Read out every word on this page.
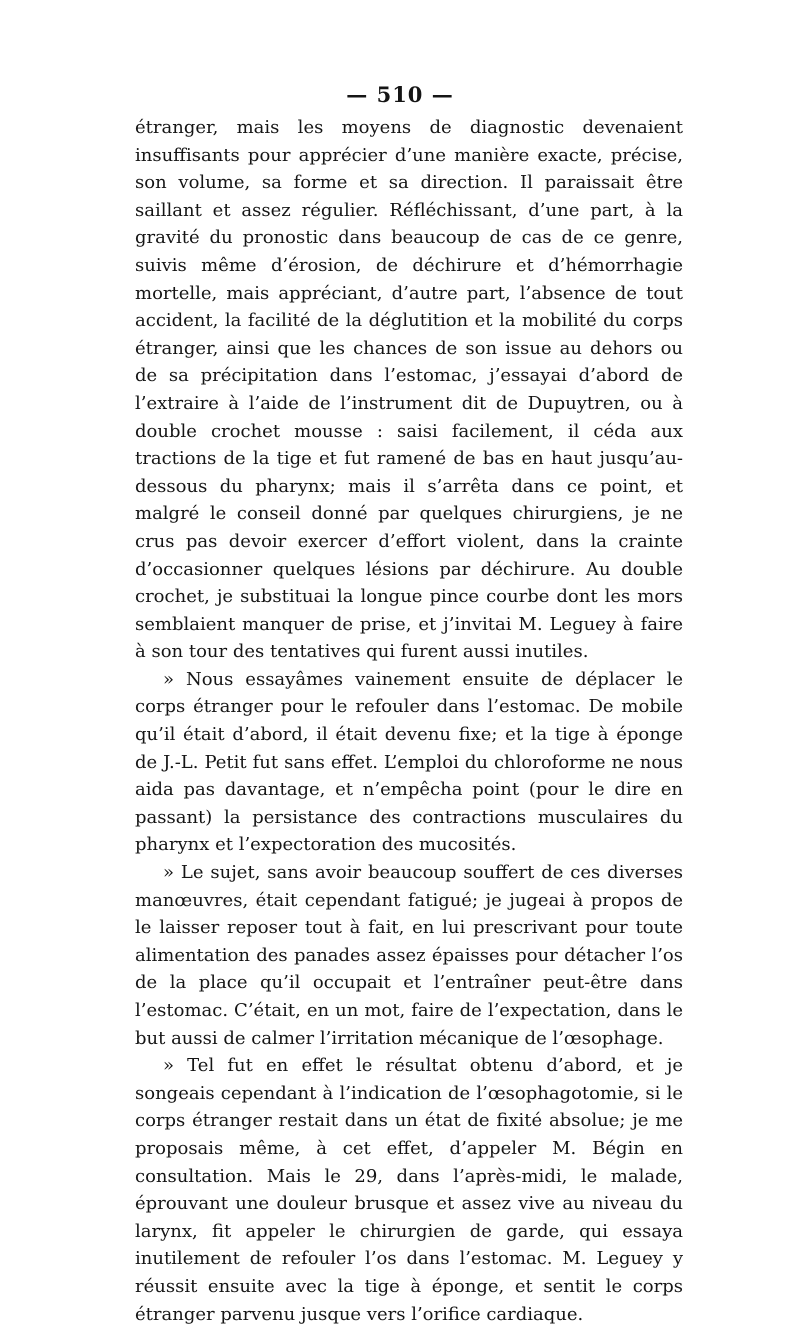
— 510 —

étranger, mais les moyens de diagnostic devenaient insuffisants pour apprécier d’une manière exacte, précise, son volume, sa forme et sa direction. Il paraissait être saillant et assez régulier. Réfléchissant, d’une part, à la gravité du pronostic dans beaucoup de cas de ce genre, suivis même d’érosion, de déchirure et d’hémorrhagie mortelle, mais appréciant, d’autre part, l’absence de tout accident, la facilité de la déglutition et la mobilité du corps étranger, ainsi que les chances de son issue au dehors ou de sa précipitation dans l’estomac, j’essayai d’abord de l’extraire à l’aide de l’instrument dit de Dupuytren, ou à double crochet mousse : saisi facilement, il céda aux tractions de la tige et fut ramené de bas en haut jusqu’au-dessous du pharynx; mais il s’arrêta dans ce point, et malgré le conseil donné par quelques chirurgiens, je ne crus pas devoir exercer d’effort violent, dans la crainte d’occasionner quelques lésions par déchirure. Au double crochet, je substituai la longue pince courbe dont les mors semblaient manquer de prise, et j’invitai M. Leguey à faire à son tour des tentatives qui furent aussi inutiles.

» Nous essayâmes vainement ensuite de déplacer le corps étranger pour le refouler dans l’estomac. De mobile qu’il était d’abord, il était devenu fixe; et la tige à éponge de J.-L. Petit fut sans effet. L’emploi du chloroforme ne nous aida pas davantage, et n’empêcha point (pour le dire en passant) la persistance des contractions musculaires du pharynx et l’expectoration des mucosités.

» Le sujet, sans avoir beaucoup souffert de ces diverses manœuvres, était cependant fatigué; je jugeai à propos de le laisser reposer tout à fait, en lui prescrivant pour toute alimentation des panades assez épaisses pour détacher l’os de la place qu’il occupait et l’entraîner peut-être dans l’estomac. C’était, en un mot, faire de l’expectation, dans le but aussi de calmer l’irritation mécanique de l’œsophage.

» Tel fut en effet le résultat obtenu d’abord, et je songeais cependant à l’indication de l’œsophagotomie, si le corps étranger restait dans un état de fixité absolue; je me proposais même, à cet effet, d’appeler M. Bégin en consultation. Mais le 29, dans l’après-midi, le malade, éprouvant une douleur brusque et assez vive au niveau du larynx, fit appeler le chirurgien de garde, qui essaya inutilement de refouler l’os dans l’estomac. M. Leguey y réussit ensuite avec la tige à éponge, et sentit le corps étranger parvenu jusque vers l’orifice cardiaque.
